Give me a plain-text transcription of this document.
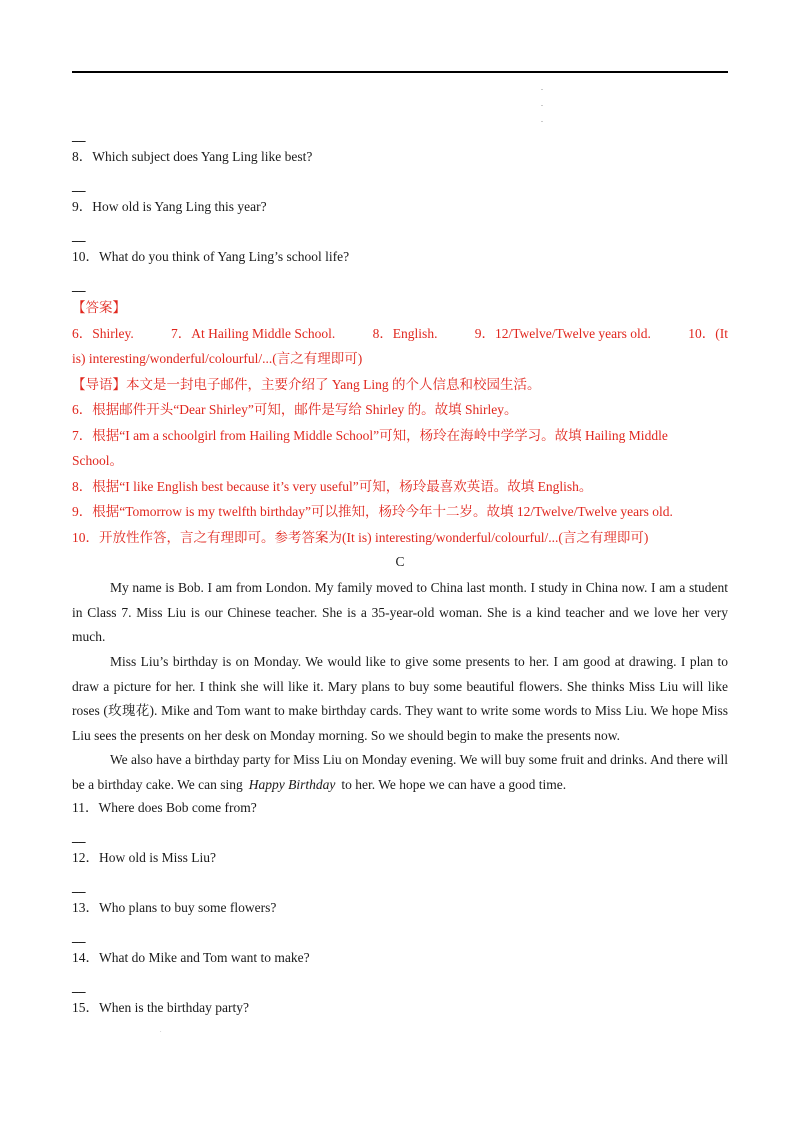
.
.
.
__
8．Which subject does Yang Ling like best?
__
9．How old is Yang Ling this year?
__
10．What do you think of Yang Ling’s school life?
__
【答案】
6．Shirley.	7．At Hailing Middle School.	8．English.	9．12/Twelve/Twelve years old.	10．(It
is) interesting/wonderful/colourful/...(言之有理即可)
【导语】本文是一封电子邮件，主要介绍了 Yang Ling 的个人信息和校园生活。
6．根据邮件开头“Dear Shirley”可知，邮件是写给 Shirley 的。故填 Shirley。
7．根据“I am a schoolgirl from Hailing Middle School”可知，杨玲在海岭中学学习。故填 Hailing Middle
School。
8．根据“I like English best because it’s very useful”可知，杨玲最喜欢英语。故填 English。
9．根据“Tomorrow is my twelfth birthday”可以推知，杨玲今年十二岁。故填 12/Twelve/Twelve years old.
10．开放性作答，言之有理即可。参考答案为(It is) interesting/wonderful/colourful/...(言之有理即可)
C
My name is Bob. I am from London. My family moved to China last month. I study in China now. I am a student in Class 7. Miss Liu is our Chinese teacher. She is a 35-year-old woman. She is a kind teacher and we love her very much.
Miss Liu’s birthday is on Monday. We would like to give some presents to her. I am good at drawing. I plan to draw a picture for her. I think she will like it. Mary plans to buy some beautiful flowers. She thinks Miss Liu will like roses (玫瑰花). Mike and Tom want to make birthday cards. They want to write some words to Miss Liu. We hope Miss Liu sees the presents on her desk on Monday morning. So we should begin to make the presents now.
We also have a birthday party for Miss Liu on Monday evening. We will buy some fruit and drinks. And there will be a birthday cake. We can sing Happy Birthday to her. We hope we can have a good time.
11．Where does Bob come from?
__
12．How old is Miss Liu?
__
13．Who plans to buy some flowers?
__
14．What do Mike and Tom want to make?
__
15．When is the birthday party?
.
